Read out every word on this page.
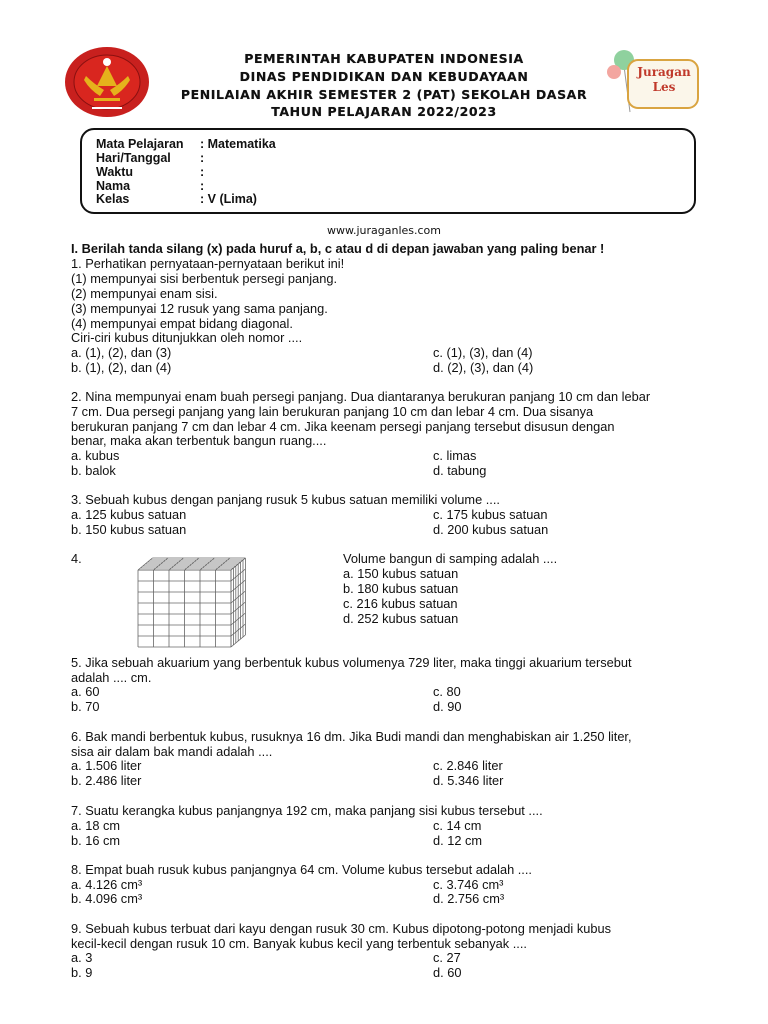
PEMERINTAH KABUPATEN INDONESIA
DINAS PENDIDIKAN DAN KEBUDAYAAN
PENILAIAN AKHIR SEMESTER 2 (PAT) SEKOLAH DASAR
TAHUN PELAJARAN 2022/2023
Juragan
Les
Mata Pelajaran : Matematika
Hari/Tanggal :
Waktu	:
Nama	:
Kelas	: V (Lima)
www.juraganles.com
I. Berilah tanda silang (x) pada huruf a, b, c atau d di depan jawaban yang paling benar !
1. Perhatikan pernyataan-pernyataan berikut ini!
(1) mempunyai sisi berbentuk persegi panjang.
(2) mempunyai enam sisi.
(3) mempunyai 12 rusuk yang sama panjang.
(4) mempunyai empat bidang diagonal.
Ciri-ciri kubus ditunjukkan oleh nomor ....
a. (1), (2), dan (3)	c. (1), (3), dan (4)
b. (1), (2), dan (4)	d. (2), (3), dan (4)
2. Nina mempunyai enam buah persegi panjang. Dua diantaranya berukuran panjang 10 cm dan lebar
7 cm. Dua persegi panjang yang lain berukuran panjang 10 cm dan lebar 4 cm. Dua sisanya
berukuran panjang 7 cm dan lebar 4 cm. Jika keenam persegi panjang tersebut disusun dengan
benar, maka akan terbentuk bangun ruang....
a. kubus	c. limas
b. balok	d. tabung
3. Sebuah kubus dengan panjang rusuk 5 kubus satuan memiliki volume ....
a. 125 kubus satuan	c. 175 kubus satuan
b. 150 kubus satuan	d. 200 kubus satuan
4.	Volume bangun di samping adalah ....
a. 150 kubus satuan
b. 180 kubus satuan
c. 216 kubus satuan
d. 252 kubus satuan
5. Jika sebuah akuarium yang berbentuk kubus volumenya 729 liter, maka tinggi akuarium tersebut
adalah .... cm.
a. 60	c. 80
b. 70	d. 90
6. Bak mandi berbentuk kubus, rusuknya 16 dm. Jika Budi mandi dan menghabiskan air 1.250 liter,
sisa air dalam bak mandi adalah ....
a. 1.506 liter	c. 2.846 liter
b. 2.486 liter	d. 5.346 liter
7. Suatu kerangka kubus panjangnya 192 cm, maka panjang sisi kubus tersebut ....
a. 18 cm	c. 14 cm
b. 16 cm	d. 12 cm
8. Empat buah rusuk kubus panjangnya 64 cm. Volume kubus tersebut adalah ....
a. 4.126 cm³	c. 3.746 cm³
b. 4.096 cm³	d. 2.756 cm³
9. Sebuah kubus terbuat dari kayu dengan rusuk 30 cm. Kubus dipotong-potong menjadi kubus
kecil-kecil dengan rusuk 10 cm. Banyak kubus kecil yang terbentuk sebanyak ....
a. 3	c. 27
b. 9	d. 60
